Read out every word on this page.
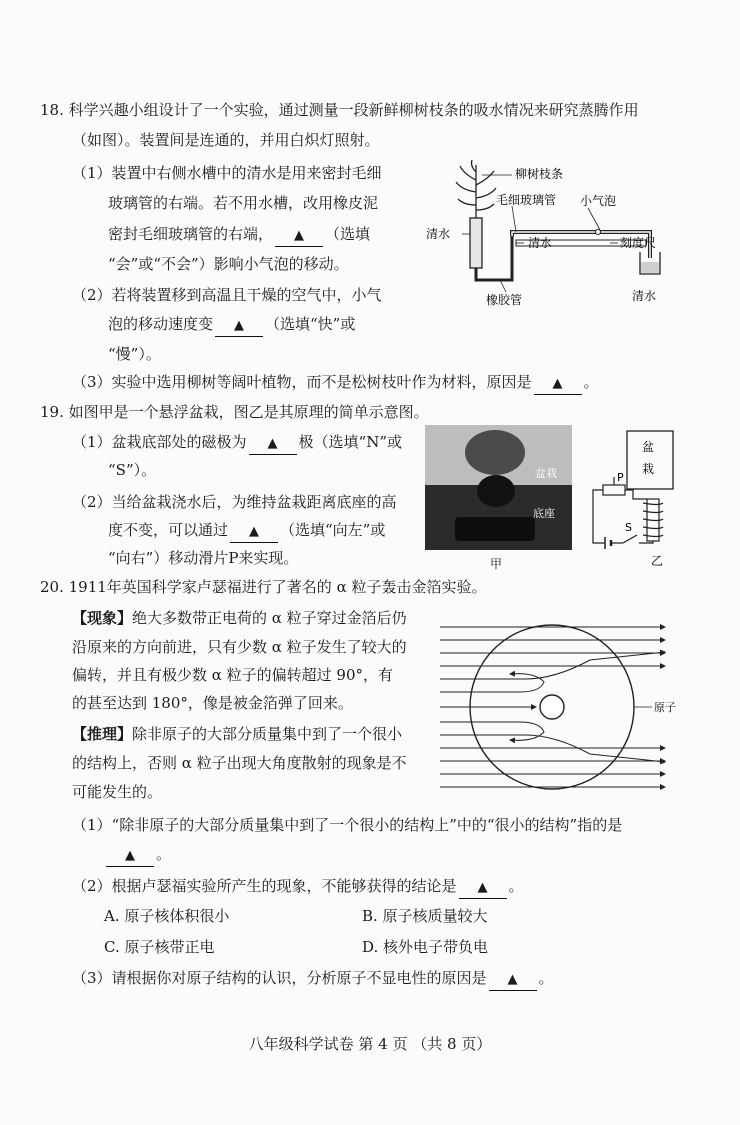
18. 科学兴趣小组设计了一个实验，通过测量一段新鲜柳树枝条的吸水情况来研究蒸腾作用
（如图）。装置间是连通的，并用白炽灯照射。
（1）装置中右侧水槽中的清水是用来密封毛细
玻璃管的右端。若不用水槽，改用橡皮泥
密封毛细玻璃管的右端， ▲ （选填
“会”或“不会”）影响小气泡的移动。
（2）若将装置移到高温且干燥的空气中，小气
泡的移动速度变 ▲ （选填“快”或
“慢”）。
（3）实验中选用柳树等阔叶植物，而不是松树枝叶作为材料，原因是 ▲ 。
柳树枝条
毛细玻璃管 小气泡
清水
清水	刻度尺
橡胶管	清水
19. 如图甲是一个悬浮盆栽，图乙是其原理的简单示意图。
（1）盆栽底部处的磁极为 ▲ 极（选填“N”或
“S”）。
（2）当给盆栽浇水后，为维持盆栽距离底座的高
度不变，可以通过 ▲ （选填“向左”或
“向右”）移动滑片P来实现。
盆栽
底座
甲
盆
栽
P
S
乙
20. 1911年英国科学家卢瑟福进行了著名的 α 粒子轰击金箔实验。
【现象】绝大多数带正电荷的 α 粒子穿过金箔后仍
沿原来的方向前进，只有少数 α 粒子发生了较大的
偏转，并且有极少数 α 粒子的偏转超过 90°，有
的甚至达到 180°，像是被金箔弹了回来。
【推理】除非原子的大部分质量集中到了一个很小
的结构上，否则 α 粒子出现大角度散射的现象是不
可能发生的。
原子
（1）“除非原子的大部分质量集中到了一个很小的结构上”中的“很小的结构”指的是
▲ 。
（2）根据卢瑟福实验所产生的现象，不能够获得的结论是 ▲ 。
A. 原子核体积很小	B. 原子核质量较大
C. 原子核带正电	D. 核外电子带负电
（3）请根据你对原子结构的认识，分析原子不显电性的原因是 ▲ 。
八年级科学试卷 第 4 页 （共 8 页）
